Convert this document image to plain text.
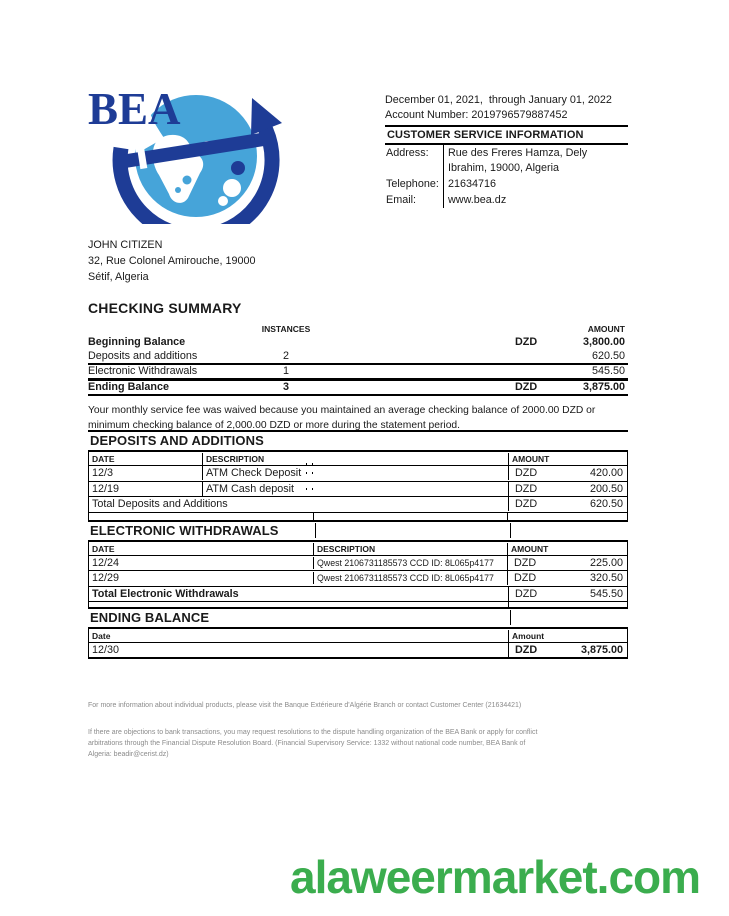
BEA	December 01, 2021,  through January 01, 2022
Account Number: 2019796579887452
CUSTOMER SERVICE INFORMATION
Address:	Rue des Freres Hamza, Dely Ibrahim, 19000, Algeria
Telephone: 21634716
Email:	www.bea.dz
JOHN CITIZEN
32, Rue Colonel Amirouche, 19000
Sétif, Algeria
CHECKING SUMMARY
INSTANCES	AMOUNT
Beginning Balance	DZD	3,800.00
Deposits and additions	2	620.50
Electronic Withdrawals	1	545.50
Ending Balance	3	DZD	3,875.00
Your monthly service fee was waived because you maintained an average checking balance of 2000.00 DZD or minimum checking balance of 2,000.00 DZD or more during the statement period.
DEPOSITS AND ADDITIONS
DATE	DESCRIPTION	AMOUNT
12/3	ATM Check Deposit	DZD	420.00
12/19	ATM Cash deposit	DZD	200.50
Total Deposits and Additions	DZD	620.50
ELECTRONIC WITHDRAWALS
DATE	DESCRIPTION	AMOUNT
12/24	Qwest 2106731185573 CCD ID: 8L065p4177	DZD	225.00
12/29	Qwest 2106731185573 CCD ID: 8L065p4177	DZD	320.50
Total Electronic Withdrawals	DZD	545.50
ENDING BALANCE
Date	Amount
12/30	DZD	3,875.00
For more information about individual products, please visit the Banque Extérieure d'Algérie Branch or contact Customer Center (21634421)
If there are objections to bank transactions, you may request resolutions to the dispute handling organization of the BEA Bank or apply for conflict arbitrations through the Financial Dispute Resolution Board. (Financial Supervisory Service: 1332 without national code number, BEA Bank of Algeria: beadir@cerist.dz)
alaweermarket.com
